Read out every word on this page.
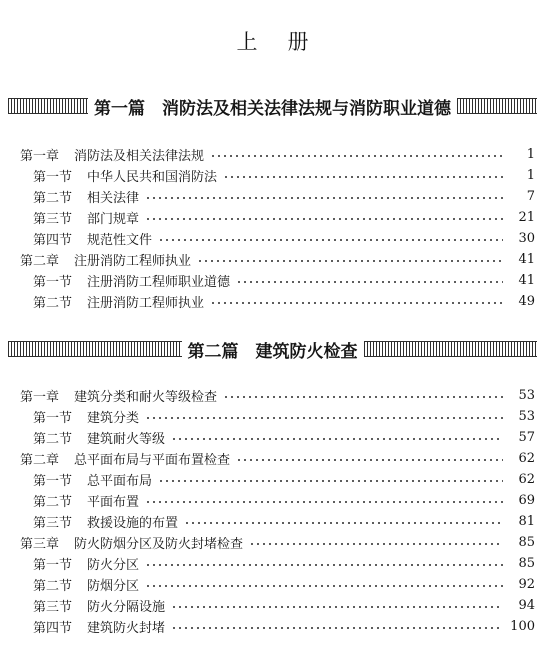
上册
第一篇　消防法及相关法律法规与消防职业道德
第一章 消防法及相关法律法规	1
第一节 中华人民共和国消防法	1
第二节 相关法律	7
第三节 部门规章	21
第四节 规范性文件	30
第二章 注册消防工程师执业	41
第一节 注册消防工程师职业道德	41
第二节 注册消防工程师执业	49
第二篇　建筑防火检查
第一章 建筑分类和耐火等级检查	53
第一节 建筑分类	53
第二节 建筑耐火等级	57
第二章 总平面布局与平面布置检查	62
第一节 总平面布局	62
第二节 平面布置	69
第三节 救援设施的布置	81
第三章 防火防烟分区及防火封堵检查	85
第一节 防火分区	85
第二节 防烟分区	92
第三节 防火分隔设施	94
第四节 建筑防火封堵	100
